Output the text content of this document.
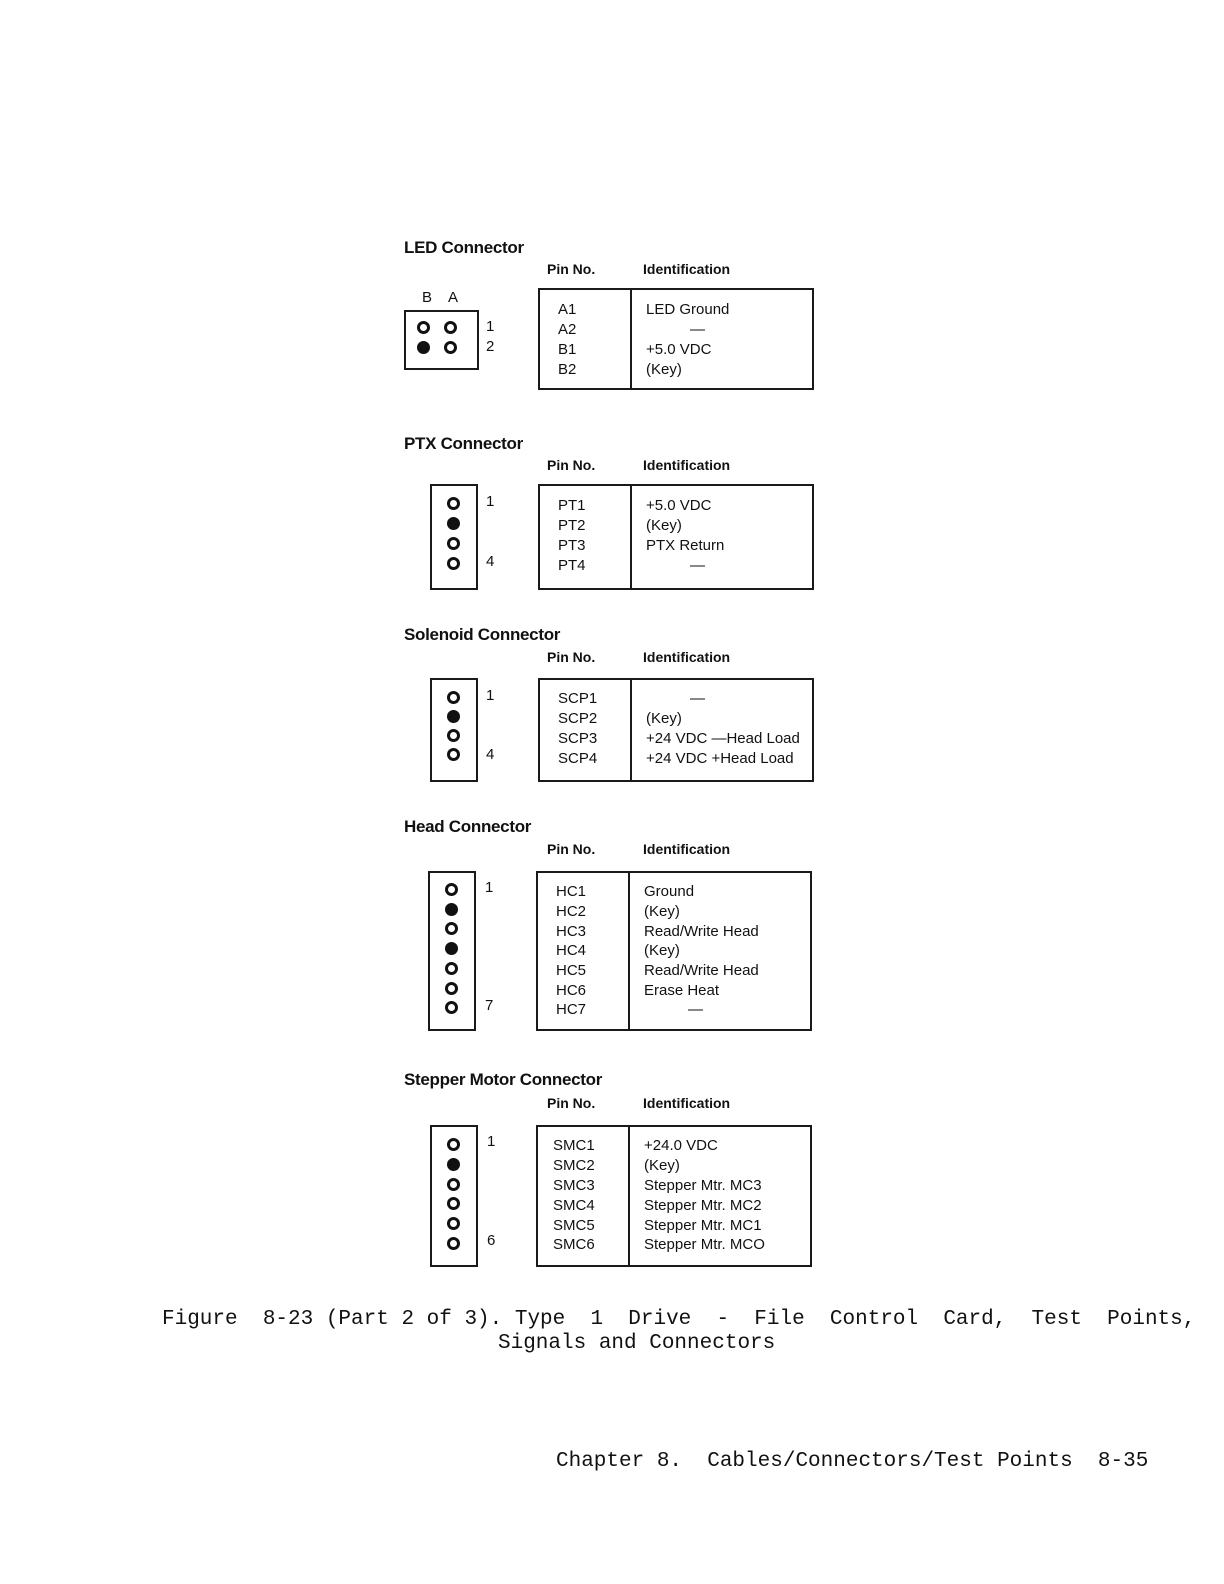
LED Connector
Pin No.	Identification
B A
1
2
A1	LED Ground
A2	—
B1	+5.0 VDC
B2	(Key)
PTX Connector
Pin No.	Identification
1
4
PT1	+5.0 VDC
PT2	(Key)
PT3	PTX Return
PT4	—
Solenoid Connector
Pin No.	Identification
1
4
SCP1	—
SCP2	(Key)
SCP3	+24 VDC —Head Load
SCP4	+24 VDC +Head Load
Head Connector
Pin No.	Identification
1
7
HC1	Ground
HC2	(Key)
HC3	Read/Write Head
HC4	(Key)
HC5	Read/Write Head
HC6	Erase Heat
HC7	—
Stepper Motor Connector
Pin No.	Identification
1
6
SMC1	+24.0 VDC
SMC2	(Key)
SMC3	Stepper Mtr. MC3
SMC4	Stepper Mtr. MC2
SMC5	Stepper Mtr. MC1
SMC6	Stepper Mtr. MCO
Figure  8-23 (Part 2 of 3). Type  1  Drive  -  File  Control  Card,  Test  Points,
Signals and Connectors
Chapter 8.  Cables/Connectors/Test Points  8-35
